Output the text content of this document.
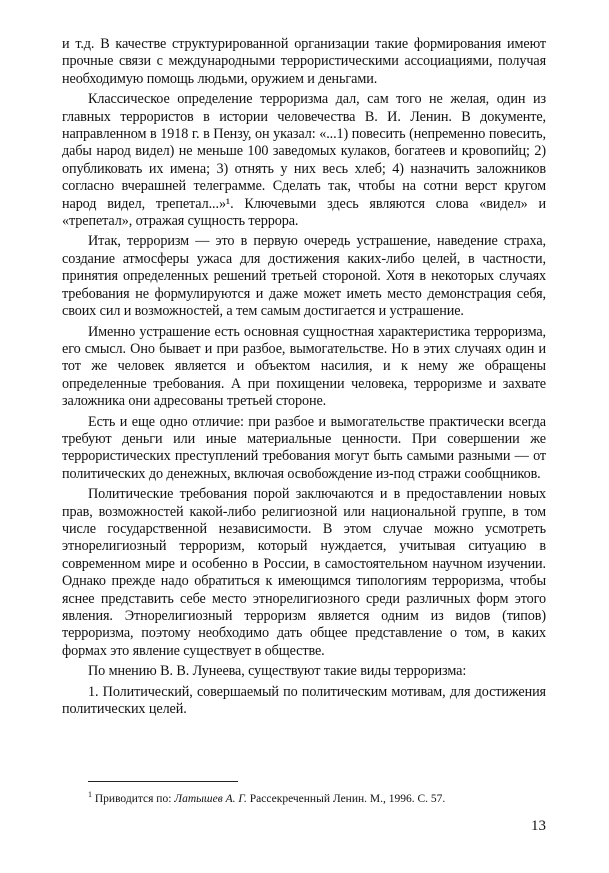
и т.д. В качестве структурированной организации такие формирования имеют прочные связи с международными террористическими ассоциациями, получая необходимую помощь людьми, оружием и деньгами.

Классическое определение терроризма дал, сам того не желая, один из главных террористов в истории человечества В. И. Ленин. В документе, направленном в 1918 г. в Пензу, он указал: «...1) повесить (непременно повесить, дабы народ видел) не меньше 100 заведомых кулаков, богатеев и кровопийц; 2) опубликовать их имена; 3) отнять у них весь хлеб; 4) назначить заложников согласно вчерашней телеграмме. Сделать так, чтобы на сотни верст кругом народ видел, трепетал...»¹. Ключевыми здесь являются слова «видел» и «трепетал», отражая сущность террора.

Итак, терроризм — это в первую очередь устрашение, наведение страха, создание атмосферы ужаса для достижения каких-либо целей, в частности, принятия определенных решений третьей стороной. Хотя в некоторых случаях требования не формулируются и даже может иметь место демонстрация себя, своих сил и возможностей, а тем самым достигается и устрашение.

Именно устрашение есть основная сущностная характеристика терроризма, его смысл. Оно бывает и при разбое, вымогательстве. Но в этих случаях один и тот же человек является и объектом насилия, и к нему же обращены определенные требования. А при похищении человека, терроризме и захвате заложника они адресованы третьей стороне.

Есть и еще одно отличие: при разбое и вымогательстве практически всегда требуют деньги или иные материальные ценности. При совершении же террористических преступлений требования могут быть самыми разными — от политических до денежных, включая освобождение из-под стражи сообщников.

Политические требования порой заключаются и в предоставлении новых прав, возможностей какой-либо религиозной или национальной группе, в том числе государственной независимости. В этом случае можно усмотреть этнорелигиозный терроризм, который нуждается, учитывая ситуацию в современном мире и особенно в России, в самостоятельном научном изучении. Однако прежде надо обратиться к имеющимся типологиям терроризма, чтобы яснее представить себе место этнорелигиозного среди различных форм этого явления. Этнорелигиозный терроризм является одним из видов (типов) терроризма, поэтому необходимо дать общее представление о том, в каких формах это явление существует в обществе.

По мнению В. В. Лунеева, существуют такие виды терроризма:

1. Политический, совершаемый по политическим мотивам, для достижения политических целей.

$^1$ Приводится по: Латышев А. Г. Рассекреченный Ленин. М., 1996. С. 57.
13
